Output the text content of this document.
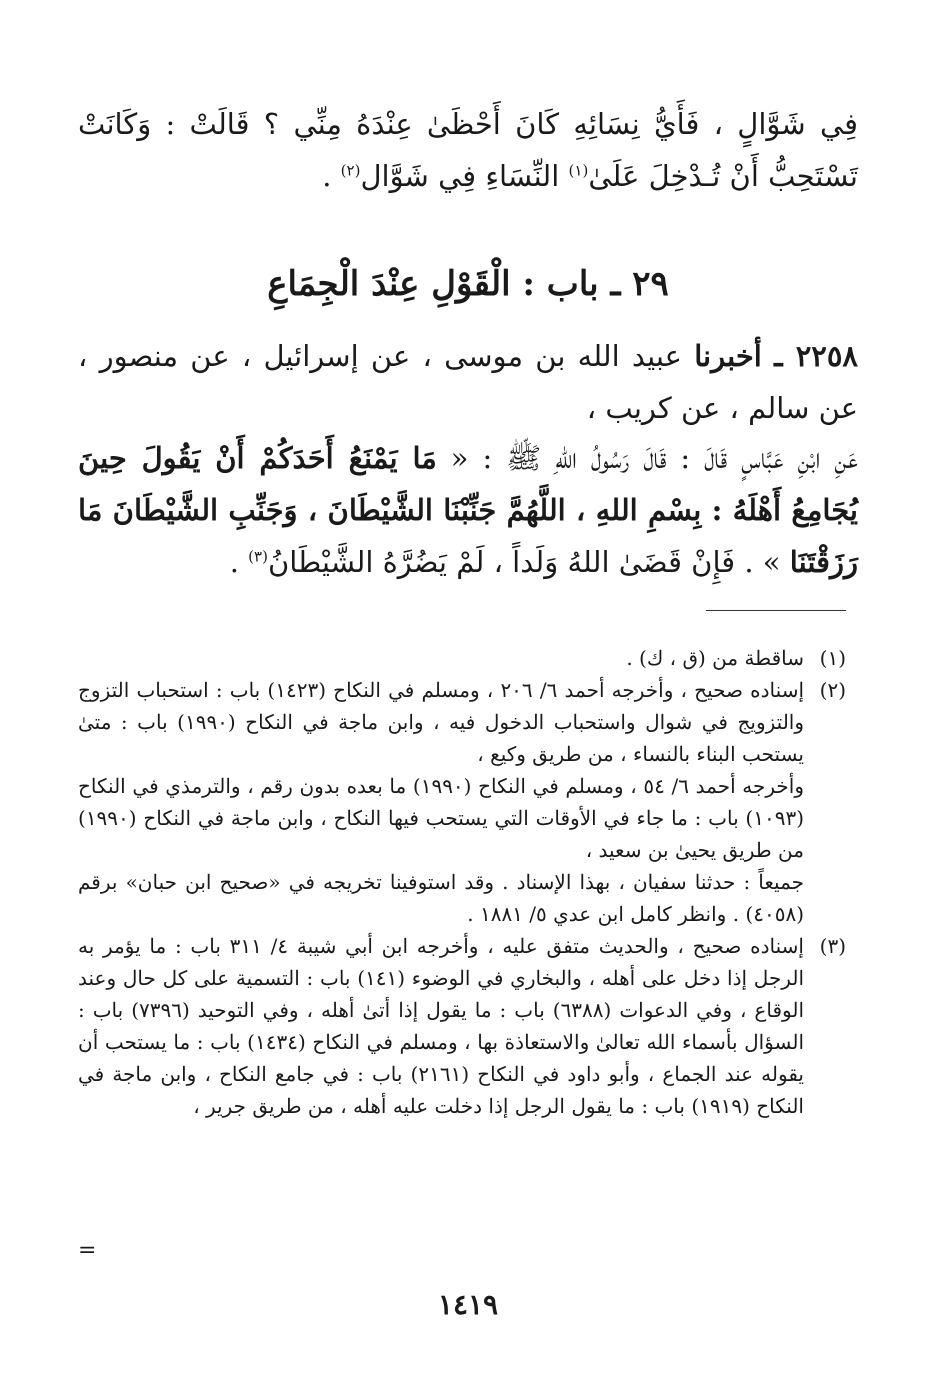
فِي شَوَّالٍ ، فَأَيُّ نِسَائِهِ كَانَ أَحْظَىٰ عِنْدَهُ مِنِّي ؟ قَالَتْ : وَكَانَتْ تَسْتَحِبُّ أَنْ تُـدْخِلَ عَلَىٰ$^{(١)}$ النِّسَاءِ فِي شَوَّال$^{(٢)}$ .
٢٩ ـ باب : الْقَوْلِ عِنْدَ الْجِمَاعِ
٢٢٥٨ ـ أخبرنا عبيد الله بن موسى ، عن إسرائيل ، عن منصور ، عن سالم ، عن كريب ،
عَنِ ابْنِ عَبَّاسٍ قَالَ : قَالَ رَسُولُ اللهِ ﷺ : « مَا يَمْنَعُ أَحَدَكُمْ أَنْ يَقُولَ حِينَ يُجَامِعُ أَهْلَهُ : بِسْمِ اللهِ ، اللَّهُمَّ جَنِّبْنَا الشَّيْطَانَ ، وَجَنِّبِ الشَّيْطَانَ مَا رَزَقْتَنَا » . فَإِنْ قَضَىٰ اللهُ وَلَداً ، لَمْ يَضُرَّهُ الشَّيْطَانُ$^{(٣)}$ .
(١)

ساقطة من (ق ، ك) .

(٢)

إسناده صحيح ، وأخرجه أحمد ٦/ ٢٠٦ ، ومسلم في النكاح (١٤٢٣) باب : استحباب التزوج والتزويج في شوال واستحباب الدخول فيه ، وابن ماجة في النكاح (١٩٩٠) باب : متىٰ يستحب البناء بالنساء ، من طريق وكيع ،

وأخرجه أحمد ٦/ ٥٤ ، ومسلم في النكاح (١٩٩٠) ما بعده بدون رقم ، والترمذي في النكاح (١٠٩٣) باب : ما جاء في الأوقات التي يستحب فيها النكاح ، وابن ماجة في النكاح (١٩٩٠) من طريق يحيىٰ بن سعيد ،

جميعاً : حدثنا سفيان ، بهذا الإسناد . وقد استوفينا تخريجه في «صحيح ابن حبان» برقم (٤٠٥٨) . وانظر كامل ابن عدي ٥/ ١٨٨١ .

(٣)

إسناده صحيح ، والحديث متفق عليه ، وأخرجه ابن أبي شيبة ٤/ ٣١١ باب : ما يؤمر به الرجل إذا دخل على أهله ، والبخاري في الوضوء (١٤١) باب : التسمية على كل حال وعند الوقاع ، وفي الدعوات (٦٣٨٨) باب : ما يقول إذا أتىٰ أهله ، وفي التوحيد (٧٣٩٦) باب : السؤال بأسماء الله تعالىٰ والاستعاذة بها ، ومسلم في النكاح (١٤٣٤) باب : ما يستحب أن يقوله عند الجماع ، وأبو داود في النكاح (٢١٦١) باب : في جامع النكاح ، وابن ماجة في النكاح (١٩١٩) باب : ما يقول الرجل إذا دخلت عليه أهله ، من طريق جرير ،

=
١٤١٩
